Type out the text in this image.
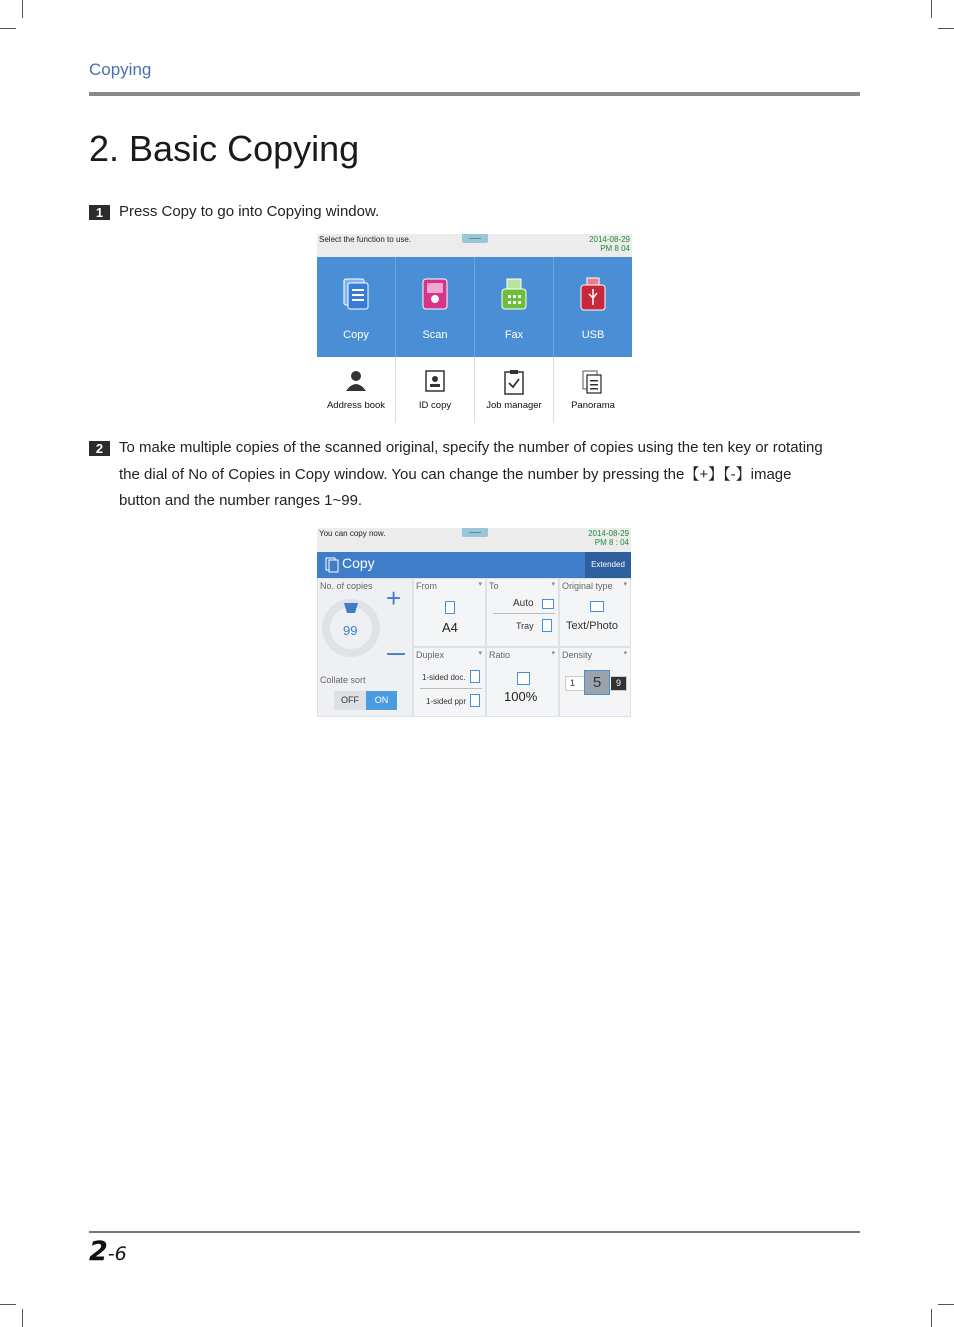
Copying
2. Basic Copying
1	Press Copy to go into Copying window.
Select the function to use.	2014-08-29
PM 8 04
Copy	Scan	Fax	USB
Address book	ID copy	Job manager	Panorama
2	To make multiple copies of the scanned original, specify the number of copies using the ten key or rotating
the dial of No of Copies in Copy window. You can change the number by pressing the【+】【-】image
button and the number ranges 1~99.
You can copy now.	2014-08-29
PM 8 : 04
Copy	Extended
No. of copies
99
+
—
Collate sort
OFF	ON
From	▾
A4
To	▾
Auto
Tray
Original type ▾
Text/Photo
Duplex	▾
1-sided doc.
1-sided ppr
Ratio	▾
100%
Density	▾
1	5	9
2-6
